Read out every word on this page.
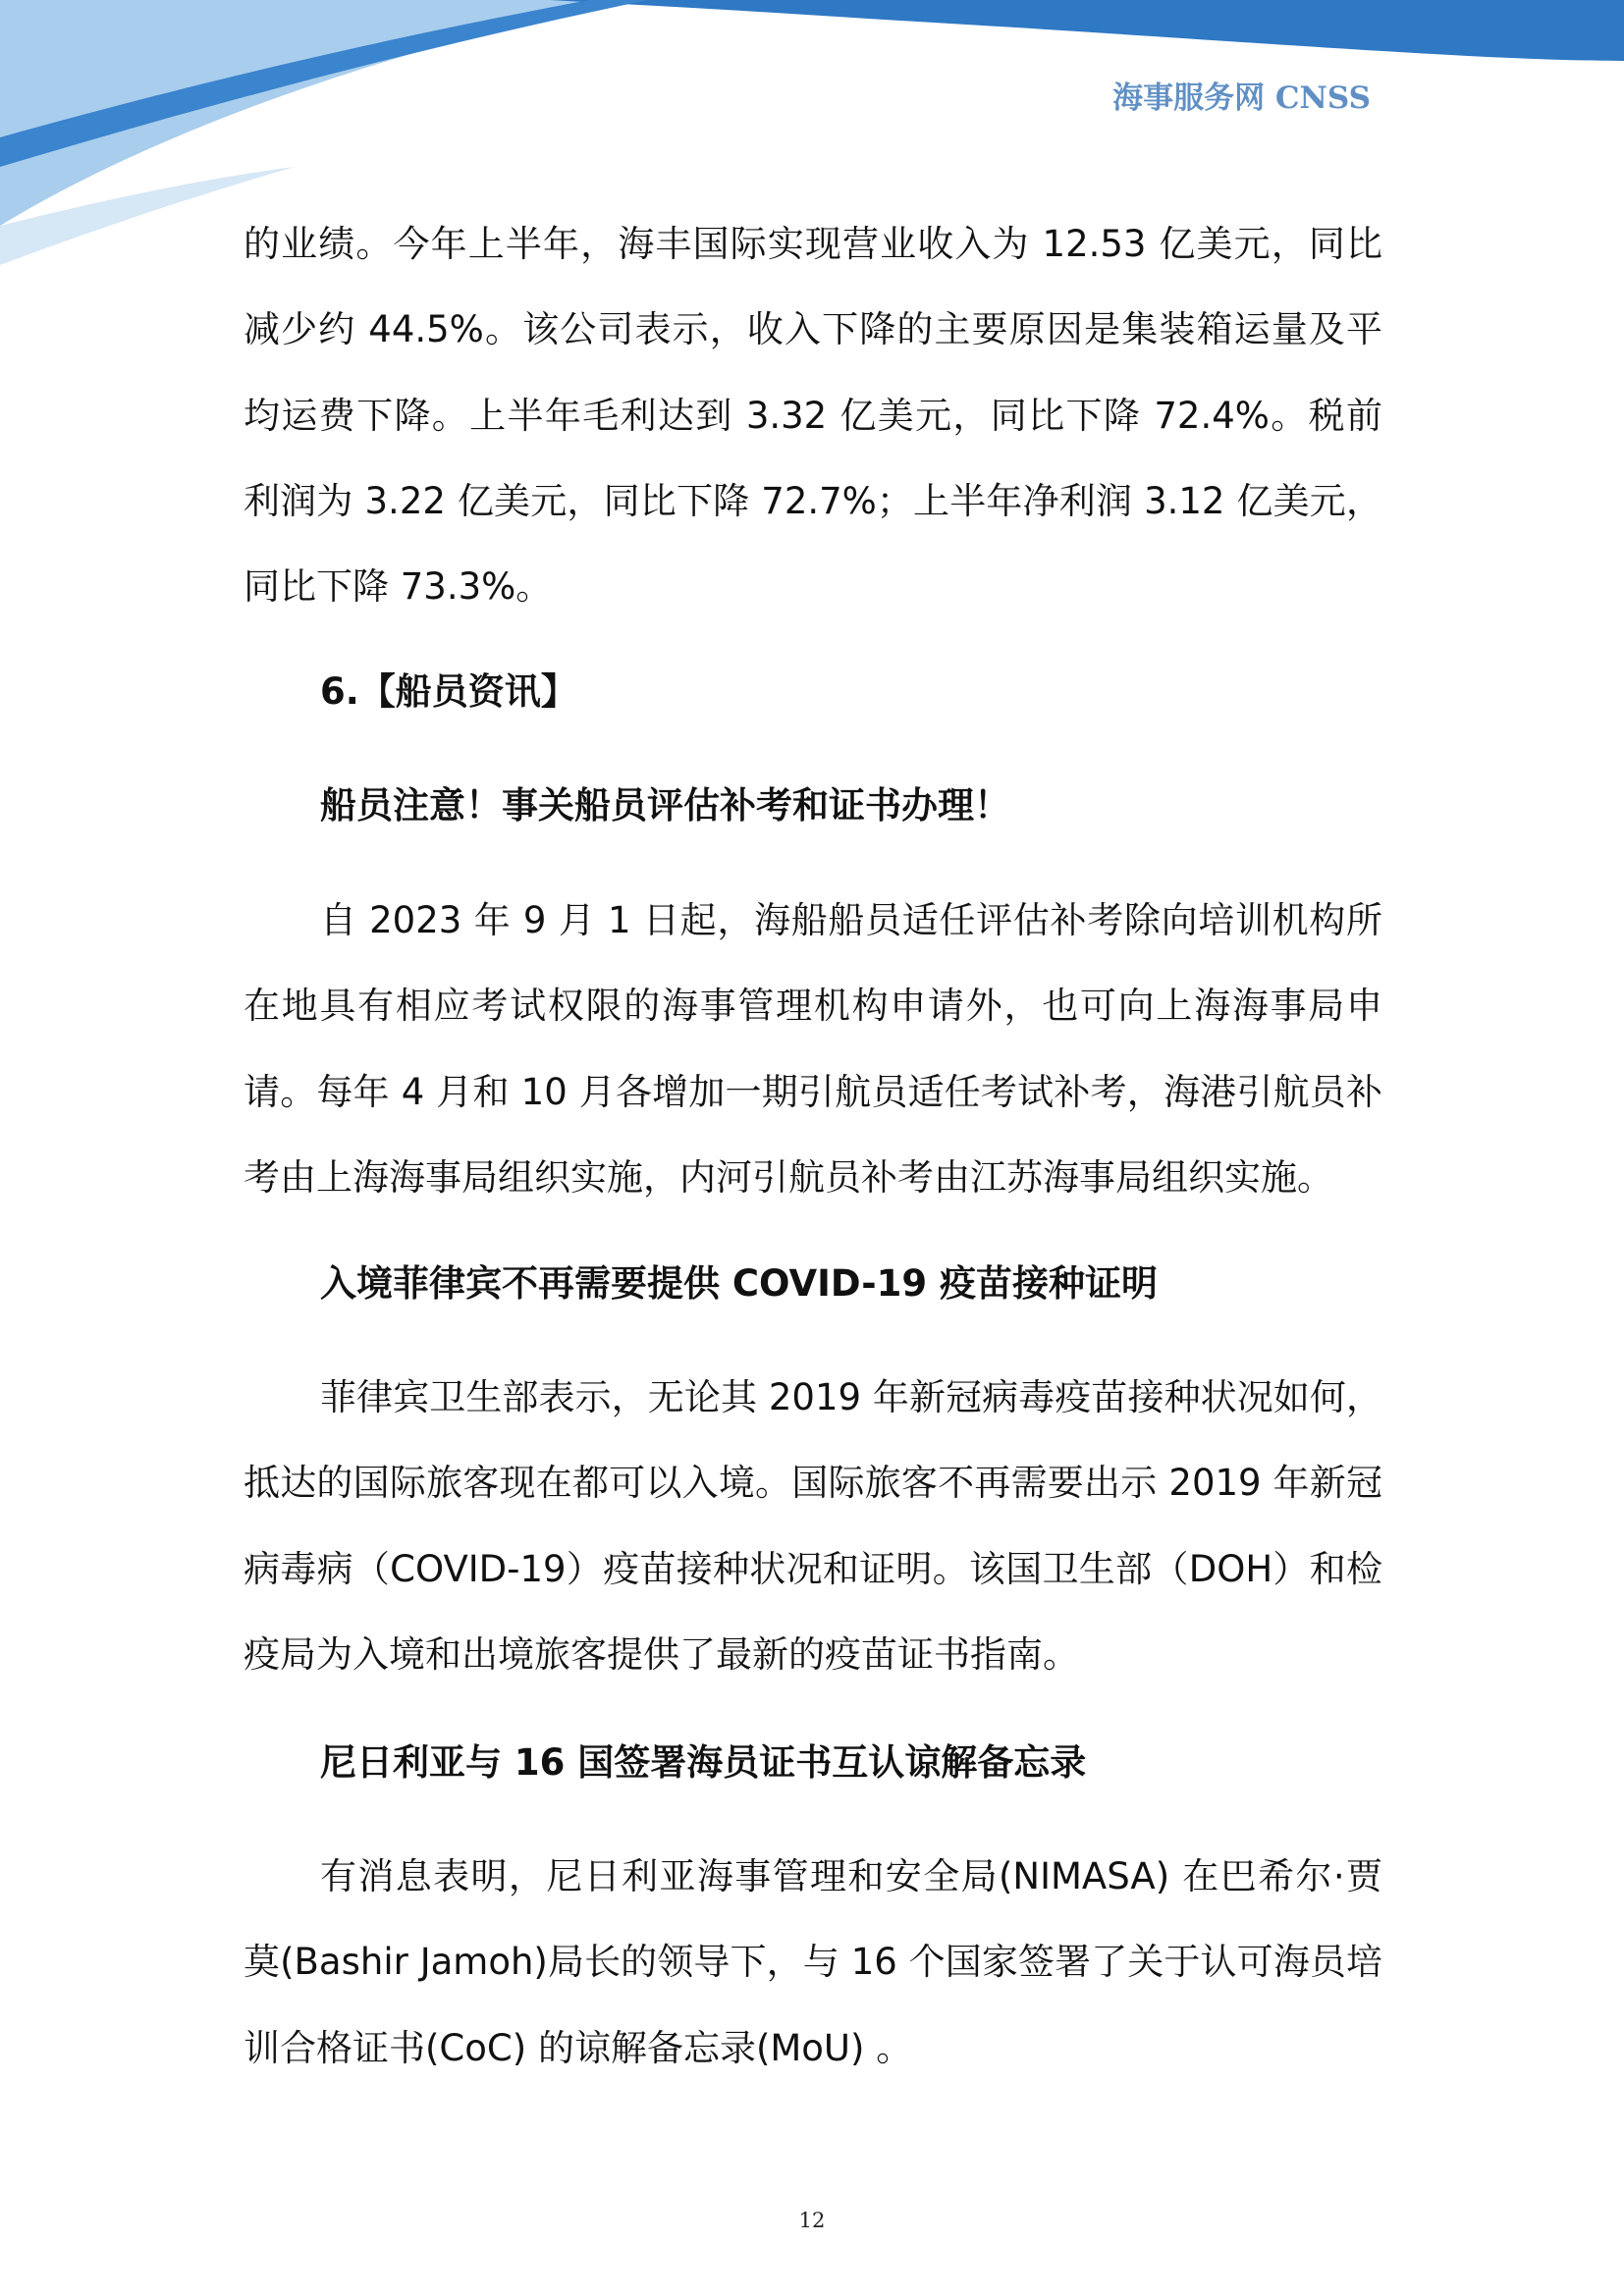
海事服务网 CNSS

的业绩。今年上半年，海丰国际实现营业收入为 12.53 亿美元，同比减少约 44.5%。该公司表示，收入下降的主要原因是集装箱运量及平均运费下降。上半年毛利达到 3.32 亿美元，同比下降 72.4%。税前利润为 3.22 亿美元，同比下降 72.7%；上半年净利润 3.12 亿美元，同比下降 73.3%。

6.【船员资讯】
船员注意！事关船员评估补考和证书办理！

自 2023 年 9 月 1 日起，海船船员适任评估补考除向培训机构所在地具有相应考试权限的海事管理机构申请外，也可向上海海事局申请。每年 4 月和 10 月各增加一期引航员适任考试补考，海港引航员补考由上海海事局组织实施，内河引航员补考由江苏海事局组织实施。

入境菲律宾不再需要提供 COVID-19 疫苗接种证明

菲律宾卫生部表示，无论其 2019 年新冠病毒疫苗接种状况如何，抵达的国际旅客现在都可以入境。国际旅客不再需要出示 2019 年新冠病毒病（COVID-19）疫苗接种状况和证明。该国卫生部（DOH）和检疫局为入境和出境旅客提供了最新的疫苗证书指南。

尼日利亚与 16 国签署海员证书互认谅解备忘录

有消息表明，尼日利亚海事管理和安全局(NIMASA) 在巴希尔·贾莫(Bashir Jamoh)局长的领导下，与 16 个国家签署了关于认可海员培训合格证书(CoC) 的谅解备忘录(MoU) 。

12
